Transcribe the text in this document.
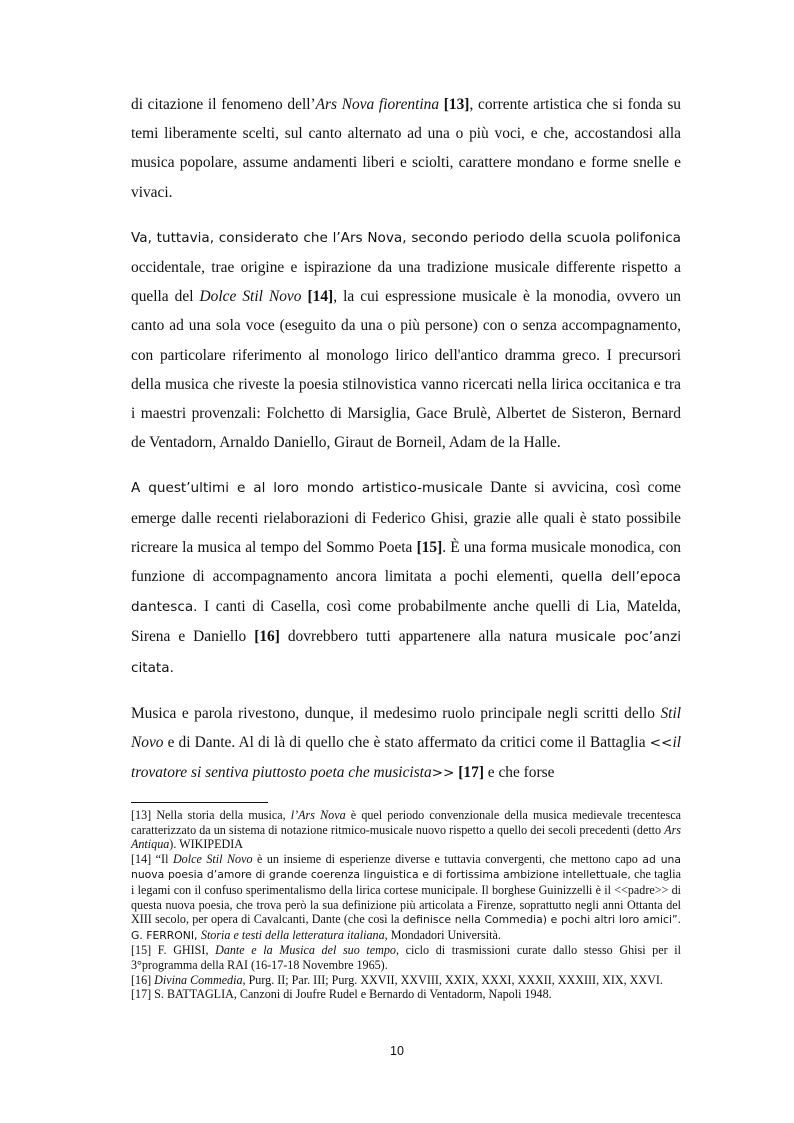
di citazione il fenomeno dell’Ars Nova fiorentina [13], corrente artistica che si fonda su temi liberamente scelti, sul canto alternato ad una o più voci, e che, accostandosi alla musica popolare, assume andamenti liberi e sciolti, carattere mondano e forme snelle e vivaci.

Va, tuttavia, considerato che l’Ars Nova, secondo periodo della scuola polifonica occidentale, trae origine e ispirazione da una tradizione musicale differente rispetto a quella del Dolce Stil Novo [14], la cui espressione musicale è la monodia, ovvero un canto ad una sola voce (eseguito da una o più persone) con o senza accompagnamento, con particolare riferimento al monologo lirico dell'antico dramma greco. I precursori della musica che riveste la poesia stilnovistica vanno ricercati nella lirica occitanica e tra i maestri provenzali: Folchetto di Marsiglia, Gace Brulè, Albertet de Sisteron, Bernard de Ventadorn, Arnaldo Daniello, Giraut de Borneil, Adam de la Halle.

A quest’ultimi e al loro mondo artistico-musicale Dante si avvicina, così come emerge dalle recenti rielaborazioni di Federico Ghisi, grazie alle quali è stato possibile ricreare la musica al tempo del Sommo Poeta [15]. È una forma musicale monodica, con funzione di accompagnamento ancora limitata a pochi elementi, quella dell’epoca dantesca. I canti di Casella, così come probabilmente anche quelli di Lia, Matelda, Sirena e Daniello [16] dovrebbero tutti appartenere alla natura musicale poc’anzi citata.

Musica e parola rivestono, dunque, il medesimo ruolo principale negli scritti dello Stil Novo e di Dante. Al di là di quello che è stato affermato da critici come il Battaglia <<il trovatore si sentiva piuttosto poeta che musicista>> [17] e che forse

[13] Nella storia della musica, l’Ars Nova è quel periodo convenzionale della musica medievale trecentesca caratterizzato da un sistema di notazione ritmico-musicale nuovo rispetto a quello dei secoli precedenti (detto Ars Antiqua). WIKIPEDIA

[14] “Il Dolce Stil Novo è un insieme di esperienze diverse e tuttavia convergenti, che mettono capo ad una nuova poesia d’amore di grande coerenza linguistica e di fortissima ambizione intellettuale, che taglia i legami con il confuso sperimentalismo della lirica cortese municipale. Il borghese Guinizzelli è il <<padre>> di questa nuova poesia, che trova però la sua definizione più articolata a Firenze, soprattutto negli anni Ottanta del XIII secolo, per opera di Cavalcanti, Dante (che così la definisce nella Commedia) e pochi altri loro amici”. G. FERRONI, Storia e testi della letteratura italiana, Mondadori Università.

[15] F. GHISI, Dante e la Musica del suo tempo, ciclo di trasmissioni curate dallo stesso Ghisi per il 3°programma della RAI (16-17-18 Novembre 1965).

[16] Divina Commedia, Purg. II; Par. III; Purg. XXVII, XXVIII, XXIX, XXXI, XXXII, XXXIII, XIX, XXVI.

[17] S. BATTAGLIA, Canzoni di Joufre Rudel e Bernardo di Ventadorm, Napoli 1948.

10
